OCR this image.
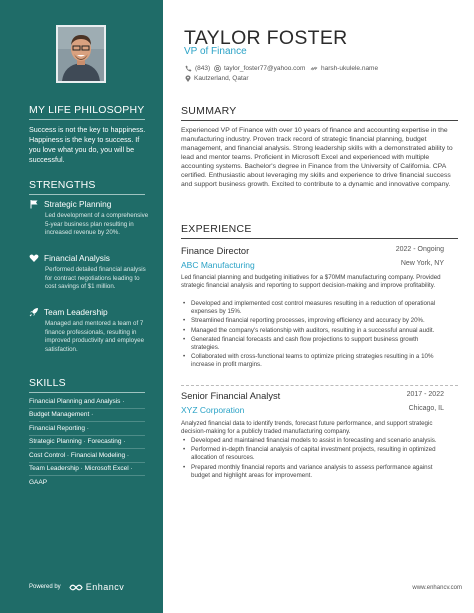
MY LIFE PHILOSOPHY
Success is not the key to happiness. Happiness is the key to success. If you love what you do, you will be successful.
STRENGTHS
Strategic Planning
Led development of a comprehensive 5-year business plan resulting in increased revenue by 20%.
Financial Analysis
Performed detailed financial analysis for contract negotiations leading to cost savings of $1 million.
Team Leadership
Managed and mentored a team of 7 finance professionals, resulting in improved productivity and employee satisfaction.
SKILLS
Financial Planning and Analysis ·
Budget Management ·
Financial Reporting ·
Strategic Planning · Forecasting ·
Cost Control · Financial Modeling ·
Team Leadership · Microsoft Excel ·
GAAP
Powered by	Enhancv
TAYLOR FOSTER
VP of Finance
(843) taylor_foster77@yahoo.com harsh-ukulele.name
Kautzerland, Qatar
SUMMARY
Experienced VP of Finance with over 10 years of finance and accounting expertise in the manufacturing industry. Proven track record of strategic financial planning, budget management, and financial analysis. Strong leadership skills with a demonstrated ability to lead and mentor teams. Proficient in Microsoft Excel and experienced with multiple accounting systems. Bachelor's degree in Finance from the University of California. CPA certified. Enthusiastic about leveraging my skills and experience to drive financial success and support business growth. Excited to contribute to a dynamic and innovative company.
EXPERIENCE
Finance Director	2022 - Ongoing
ABC Manufacturing	New York, NY
Led financial planning and budgeting initiatives for a $70MM manufacturing company. Provided strategic financial analysis and reporting to support decision-making and improve profitability.
• Developed and implemented cost control measures resulting in a reduction of operational expenses by 15%.
• Streamlined financial reporting processes, improving efficiency and accuracy by 20%.
• Managed the company's relationship with auditors, resulting in a successful annual audit.
• Generated financial forecasts and cash flow projections to support business growth strategies.
• Collaborated with cross-functional teams to optimize pricing strategies resulting in a 10% increase in profit margins.
Senior Financial Analyst	2017 - 2022
XYZ Corporation	Chicago, IL
Analyzed financial data to identify trends, forecast future performance, and support strategic decision-making for a publicly traded manufacturing company.
• Developed and maintained financial models to assist in forecasting and scenario analysis.
• Performed in-depth financial analysis of capital investment projects, resulting in optimized allocation of resources.
• Prepared monthly financial reports and variance analysis to assess performance against budget and highlight areas for improvement.
www.enhancv.com
